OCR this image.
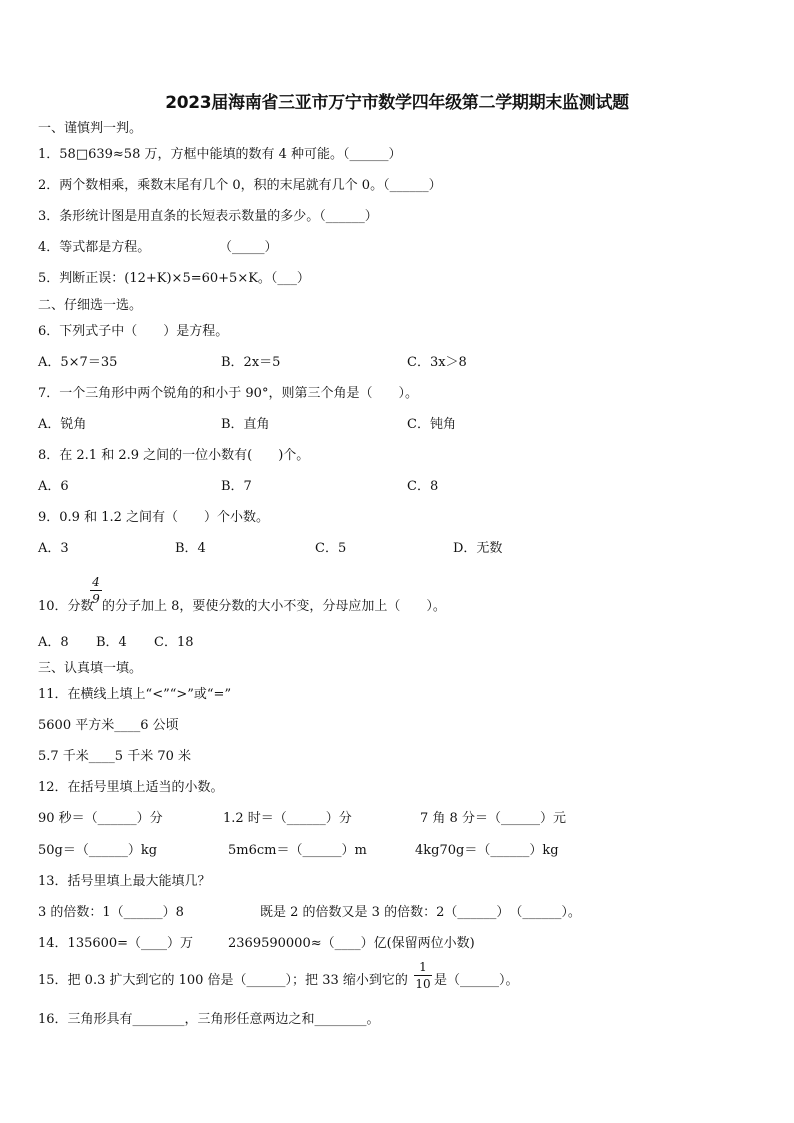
2023届海南省三亚市万宁市数学四年级第二学期期末监测试题
一、谨慎判一判。
1．58□639≈58 万，方框中能填的数有 4 种可能。（______）
2．两个数相乘，乘数末尾有几个 0，积的末尾就有几个 0。（______）
3．条形统计图是用直条的长短表示数量的多少。（______）
4．等式都是方程。	（_____）
5．判断正误：(12+K)×5=60+5×K。（___）
二、仔细选一选。
6．下列式子中（　　）是方程。
A．5×7＝35	B．2x＝5	C．3x＞8
7．一个三角形中两个锐角的和小于 90°，则第三个角是（　　）。
A．锐角	B．直角	C．钝角
8．在 2.1 和 2.9 之间的一位小数有(　　)个。
A．6	B．7	C．8
9．0.9 和 1.2 之间有（　　）个小数。
A．3	B．4	C．5	D．无数
10．分数
4
9 的分子加上 8，要使分数的大小不变，分母应加上（　　）。
A．8 B．4 C．18
三、认真填一填。
11．在横线上填上“<”“>”或“=”
5600 平方米____6 公顷
5.7 千米____5 千米 70 米
12．在括号里填上适当的小数。
90 秒＝（______）分	1.2 时＝（______）分	7 角 8 分＝（______）元
50g＝（______）kg	5m6cm＝（______）m	4kg70g＝（______）kg
13．括号里填上最大能填几？
3 的倍数：1（______）8	既是 2 的倍数又是 3 的倍数：2（______）　（______）。
14．135600=（____）万	2369590000≈（____）亿(保留两位小数)
15．把 0.3 扩大到它的 100 倍是（______）；把 33 缩小到它的
1
10 是（______）。
16．三角形具有________，三角形任意两边之和________。
